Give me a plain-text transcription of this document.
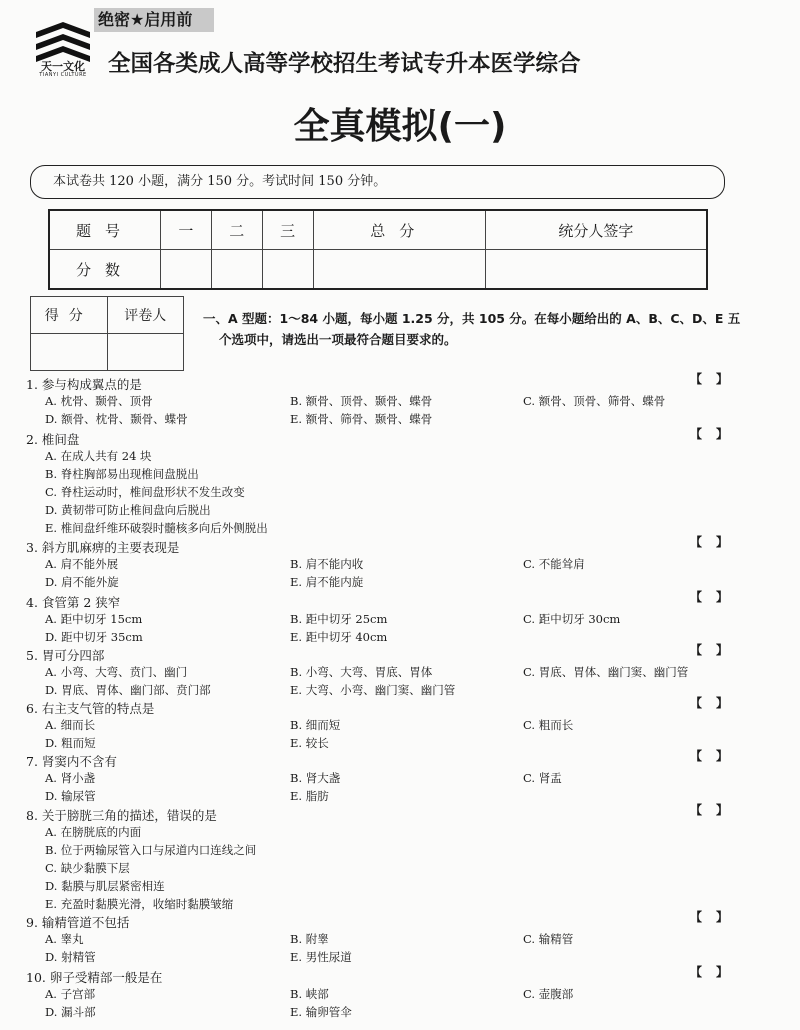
天一文化
TIANYI CULTURE
绝密★启用前
全国各类成人高等学校招生考试专升本医学综合
全真模拟(一)
本试卷共 120 小题，满分 150 分。考试时间 150 分钟。
题号	一	二	三	总分	统分人签字
分数					
得分	评卷人
		一、A 型题：1～84 小题，每小题 1.25 分，共 105 分。在每小题给出的 A、B、C、D、E 五
个选项中，请选出一项最符合题目要求的。
1. 参与构成翼点的是	【 】
A. 枕骨、颞骨、顶骨	B. 额骨、顶骨、颞骨、蝶骨	C. 额骨、顶骨、筛骨、蝶骨
D. 额骨、枕骨、颞骨、蝶骨	E. 额骨、筛骨、颞骨、蝶骨
2. 椎间盘	【 】
A. 在成人共有 24 块
B. 脊柱胸部易出现椎间盘脱出
C. 脊柱运动时，椎间盘形状不发生改变
D. 黄韧带可防止椎间盘向后脱出
E. 椎间盘纤维环破裂时髓核多向后外侧脱出
3. 斜方肌麻痹的主要表现是	【 】
A. 肩不能外展	B. 肩不能内收	C. 不能耸肩
D. 肩不能外旋	E. 肩不能内旋
4. 食管第 2 狭窄	【 】
A. 距中切牙 15cm	B. 距中切牙 25cm	C. 距中切牙 30cm
D. 距中切牙 35cm	E. 距中切牙 40cm
5. 胃可分四部	【 】
A. 小弯、大弯、贲门、幽门	B. 小弯、大弯、胃底、胃体	C. 胃底、胃体、幽门窦、幽门管
D. 胃底、胃体、幽门部、贲门部	E. 大弯、小弯、幽门窦、幽门管
6. 右主支气管的特点是	【 】
A. 细而长	B. 细而短	C. 粗而长
D. 粗而短	E. 较长
7. 肾窦内不含有	【 】
A. 肾小盏	B. 肾大盏	C. 肾盂
D. 输尿管	E. 脂肪
8. 关于膀胱三角的描述，错误的是	【 】
A. 在膀胱底的内面
B. 位于两输尿管入口与尿道内口连线之间
C. 缺少黏膜下层
D. 黏膜与肌层紧密相连
E. 充盈时黏膜光滑，收缩时黏膜皱缩
9. 输精管道不包括	【 】
A. 睾丸	B. 附睾	C. 输精管
D. 射精管	E. 男性尿道
10. 卵子受精部一般是在	【 】
A. 子宫部	B. 峡部	C. 壶腹部
D. 漏斗部	E. 输卵管伞
